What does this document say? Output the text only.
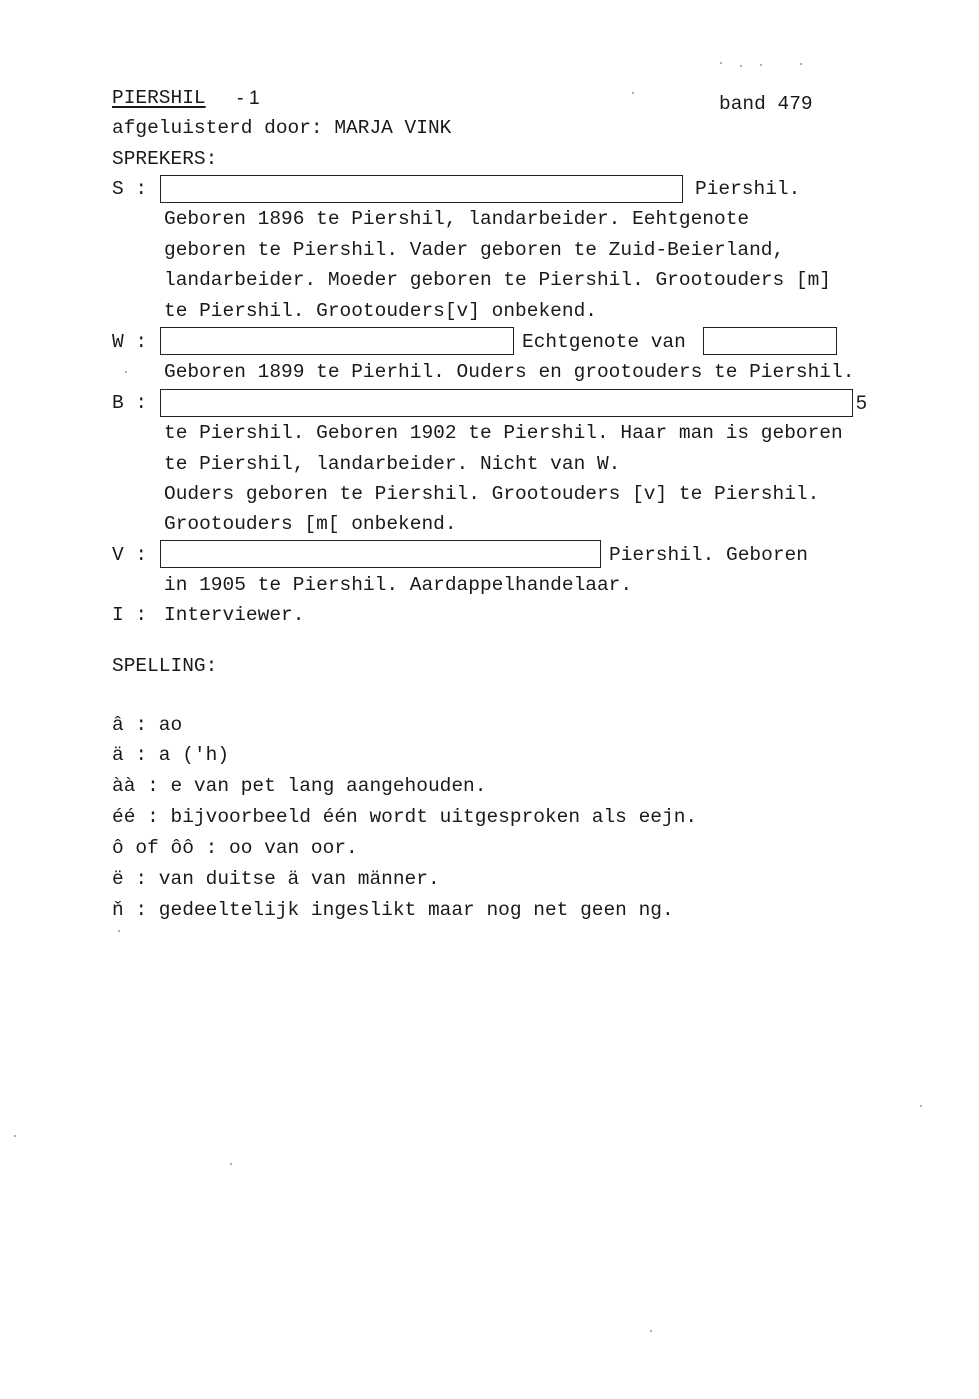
PIERSHIL - 1	band 479
afgeluisterd door: MARJA VINK
SPREKERS:
S :	Piershil.
Geboren 1896 te Piershil, landarbeider. Eehtgenote
geboren te Piershil. Vader geboren te Zuid-Beierland,
landarbeider. Moeder geboren te Piershil. Grootouders [m]
te Piershil. Grootouders[v] onbekend.
W :	Echtgenote van
Geboren 1899 te Pierhil. Ouders en grootouders te Piershil.
B :	5
te Piershil. Geboren 1902 te Piershil. Haar man is geboren
te Piershil, landarbeider. Nicht van W.
Ouders geboren te Piershil. Grootouders [v] te Piershil.
Grootouders [m[ onbekend.
V :	Piershil. Geboren
in 1905 te Piershil. Aardappelhandelaar.
I : Interviewer.
SPELLING:
â : ao
ä : a ('h)
àà : e van pet lang aangehouden.
éé : bijvoorbeeld één wordt uitgesproken als eejn.
ô of ôô : oo van oor.
ë : van duitse ä van männer.
ň : gedeeltelijk ingeslikt maar nog net geen ng.
